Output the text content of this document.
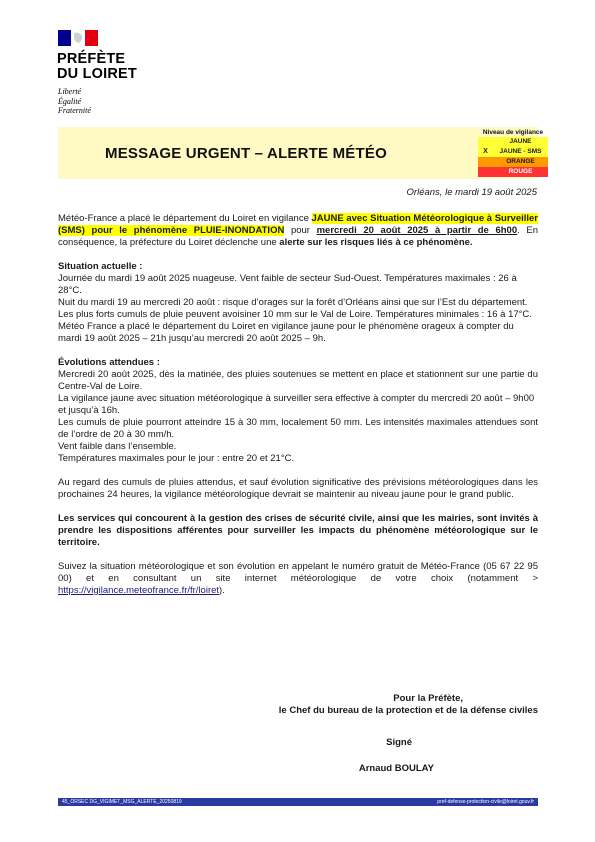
PRÉFÈTE
DU LOIRET
Liberté
Égalité
Fraternité
MESSAGE URGENT – ALERTE MÉTÉO
Niveau de vigilance
JAUNE
X	JAUNE - SMS
ORANGE
ROUGE
Orléans, le mardi 19 août 2025

Météo-France a placé le département du Loiret en vigilance JAUNE avec Situation Météorologique à Surveiller (SMS) pour le phénomène PLUIE-INONDATION pour mercredi 20 août 2025 à partir de 6h00. En conséquence, la préfecture du Loiret déclenche une alerte sur les risques liés à ce phénomène.

Situation actuelle :

Journée du mardi 19 août 2025 nuageuse. Vent faible de secteur Sud-Ouest. Températures maximales : 26 à 28°C.

Nuit du mardi 19 au mercredi 20 août : risque d’orages sur la forêt d’Orléans ainsi que sur l’Est du département. Les plus forts cumuls de pluie peuvent avoisiner 10 mm sur le Val de Loire. Températures minimales : 16 à 17°C.

Météo France a placé le département du Loiret en vigilance jaune pour le phénomène orageux à compter du mardi 19 août 2025 – 21h jusqu’au mercredi 20 août 2025 – 9h.

Évolutions attendues :

Mercredi 20 août 2025, dès la matinée, des pluies soutenues se mettent en place et stationnent sur une partie du Centre-Val de Loire.

La vigilance jaune avec situation météorologique à surveiller sera effective à compter du mercredi 20 août – 9h00 et jusqu’à 16h.

Les cumuls de pluie pourront atteindre 15 à 30 mm, localement 50 mm. Les intensités maximales attendues sont de l’ordre de 20 à 30 mm/h.

Vent faible dans l’ensemble.

Températures maximales pour le jour : entre 20 et 21°C.

Au regard des cumuls de pluies attendus, et sauf évolution significative des prévisions météorologiques dans les prochaines 24 heures, la vigilance météorologique devrait se maintenir au niveau jaune pour le grand public.

Les services qui concourent à la gestion des crises de sécurité civile, ainsi que les mairies, sont invités à prendre les dispositions afférentes pour surveiller les impacts du phénomène météorologique sur le territoire.

Suivez la situation météorologique et son évolution en appelant le numéro gratuit de Météo-France (05 67 22 95 00) et en consultant un site internet météorologique de votre choix (notamment > https://vigilance.meteofrance.fr/fr/loiret).

Pour la Préfète,
le Chef du bureau de la protection et de la défense civiles
Signé
Arnaud BOULAY
45_ORSEC DG_VIGIMET_MSG_ALERTE_20250819	pref-defense-protection-civile@loiret.gouv.fr
